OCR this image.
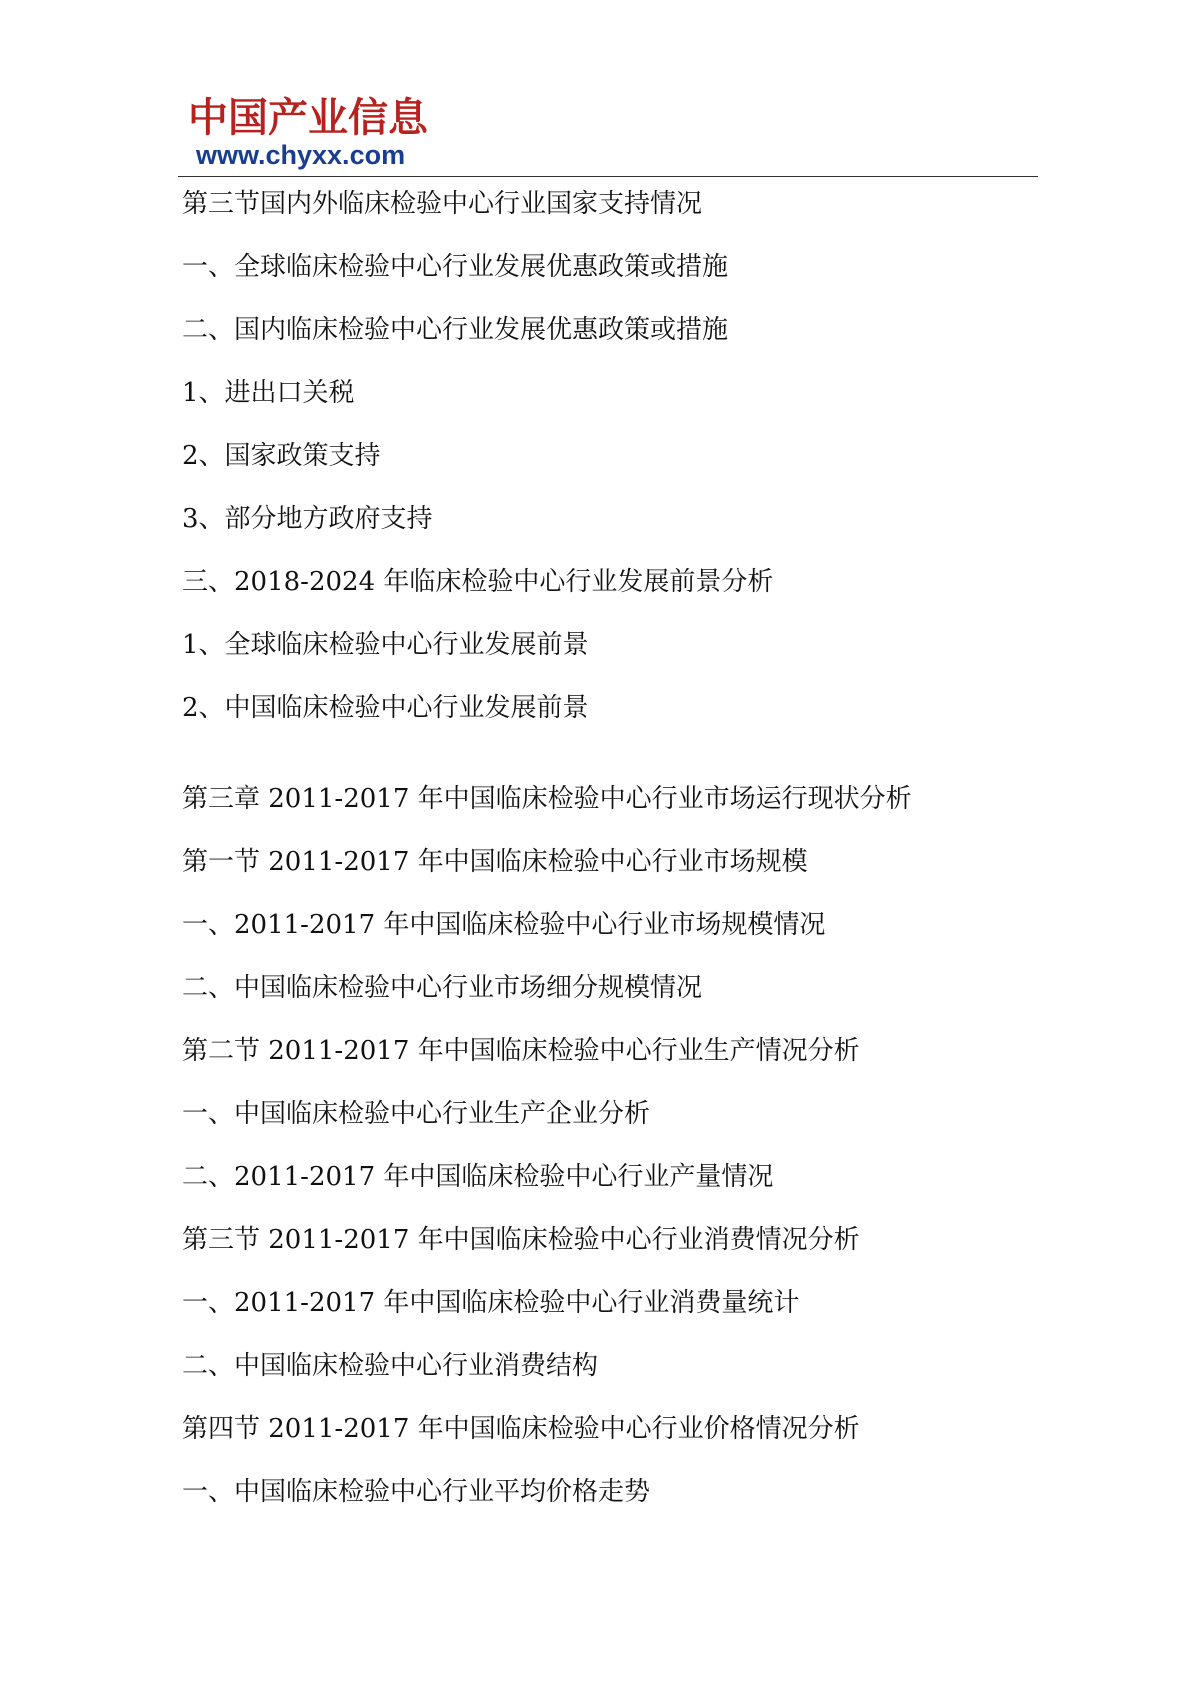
中国产业信息
www.chyxx.com
第三节国内外临床检验中心行业国家支持情况
一、全球临床检验中心行业发展优惠政策或措施
二、国内临床检验中心行业发展优惠政策或措施
1、进出口关税
2、国家政策支持
3、部分地方政府支持
三、2018-2024 年临床检验中心行业发展前景分析
1、全球临床检验中心行业发展前景
2、中国临床检验中心行业发展前景
第三章 2011-2017 年中国临床检验中心行业市场运行现状分析
第一节 2011-2017 年中国临床检验中心行业市场规模
一、2011-2017 年中国临床检验中心行业市场规模情况
二、中国临床检验中心行业市场细分规模情况
第二节 2011-2017 年中国临床检验中心行业生产情况分析
一、中国临床检验中心行业生产企业分析
二、2011-2017 年中国临床检验中心行业产量情况
第三节 2011-2017 年中国临床检验中心行业消费情况分析
一、2011-2017 年中国临床检验中心行业消费量统计
二、中国临床检验中心行业消费结构
第四节 2011-2017 年中国临床检验中心行业价格情况分析
一、中国临床检验中心行业平均价格走势
